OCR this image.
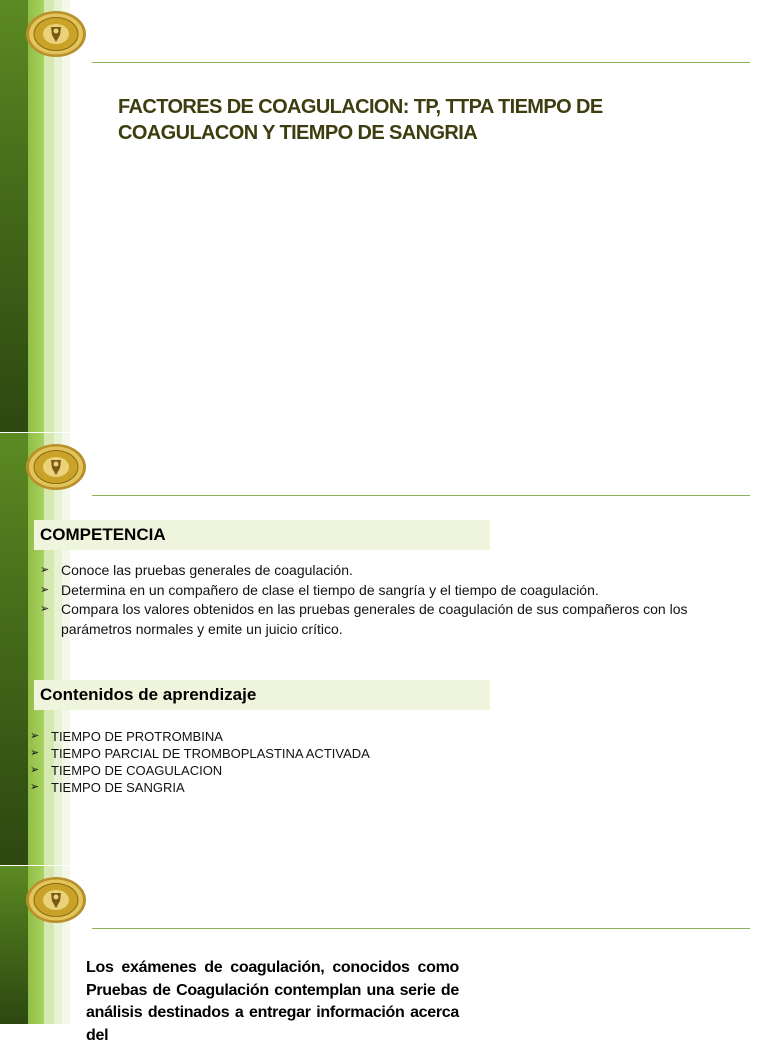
FACTORES DE COAGULACION: TP, TTPA TIEMPO DE COAGULACON Y TIEMPO DE SANGRIA
COMPETENCIA
➢ Conoce las pruebas generales de coagulación.
➢ Determina en un compañero de clase el tiempo de sangría y el tiempo de coagulación.
➢ Compara los valores obtenidos en las pruebas generales de coagulación de sus compañeros con los parámetros normales y emite un juicio crítico.
Contenidos de aprendizaje
➢ TIEMPO DE PROTROMBINA
➢ TIEMPO PARCIAL DE TROMBOPLASTINA ACTIVADA
➢ TIEMPO DE COAGULACION
➢ TIEMPO DE SANGRIA

Los exámenes de coagulación, conocidos como Pruebas de Coagulación contemplan una serie de análisis destinados a entregar información acerca del
